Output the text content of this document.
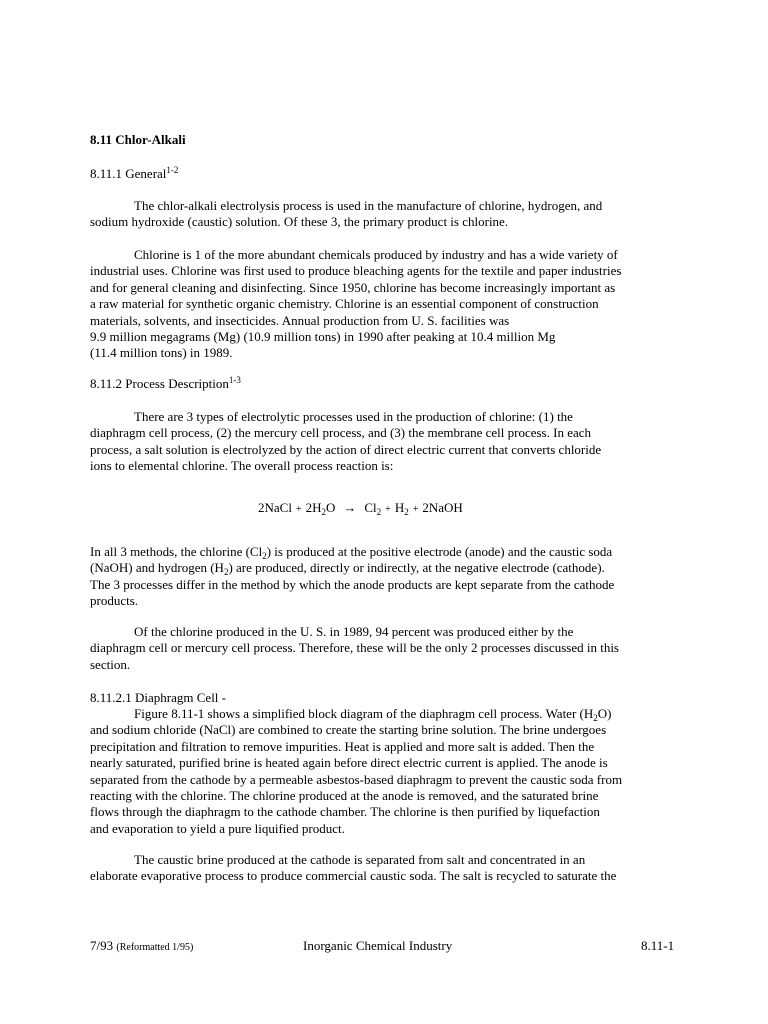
8.11 Chlor-Alkali
8.11.1 General$^{1-2}$

The chlor-alkali electrolysis process is used in the manufacture of chlorine, hydrogen, and
sodium hydroxide (caustic) solution. Of these 3, the primary product is chlorine.

Chlorine is 1 of the more abundant chemicals produced by industry and has a wide variety of
industrial uses. Chlorine was first used to produce bleaching agents for the textile and paper industries
and for general cleaning and disinfecting. Since 1950, chlorine has become increasingly important as
a raw material for synthetic organic chemistry. Chlorine is an essential component of construction
materials, solvents, and insecticides. Annual production from U. S. facilities was
9.9 million megagrams (Mg) (10.9 million tons) in 1990 after peaking at 10.4 million Mg
(11.4 million tons) in 1989.

8.11.2 Process Description$^{1-3}$

There are 3 types of electrolytic processes used in the production of chlorine: (1) the
diaphragm cell process, (2) the mercury cell process, and (3) the membrane cell process. In each
process, a salt solution is electrolyzed by the action of direct electric current that converts chloride
ions to elemental chlorine. The overall process reaction is:

2NaCl + $2H_2O \to Cl_2 + H_2$ + 2NaOH

In all 3 methods, the chlorine $(Cl_2)$ is produced at the positive electrode (anode) and the caustic soda
(NaOH) and hydrogen $(H_2)$ are produced, directly or indirectly, at the negative electrode (cathode).
The 3 processes differ in the method by which the anode products are kept separate from the cathode
products.

Of the chlorine produced in the U. S. in 1989, 94 percent was produced either by the
diaphragm cell or mercury cell process. Therefore, these will be the only 2 processes discussed in this
section.

8.11.2.1 Diaphragm Cell -

Figure 8.11-1 shows a simplified block diagram of the diaphragm cell process. Water $(H_2O)$
and sodium chloride (NaCl) are combined to create the starting brine solution. The brine undergoes
precipitation and filtration to remove impurities. Heat is applied and more salt is added. Then the
nearly saturated, purified brine is heated again before direct electric current is applied. The anode is
separated from the cathode by a permeable asbestos-based diaphragm to prevent the caustic soda from
reacting with the chlorine. The chlorine produced at the anode is removed, and the saturated brine
flows through the diaphragm to the cathode chamber. The chlorine is then purified by liquefaction
and evaporation to yield a pure liquified product.

The caustic brine produced at the cathode is separated from salt and concentrated in an
elaborate evaporative process to produce commercial caustic soda. The salt is recycled to saturate the

7/93 (Reformatted 1/95)	Inorganic Chemical Industry	8.11-1
